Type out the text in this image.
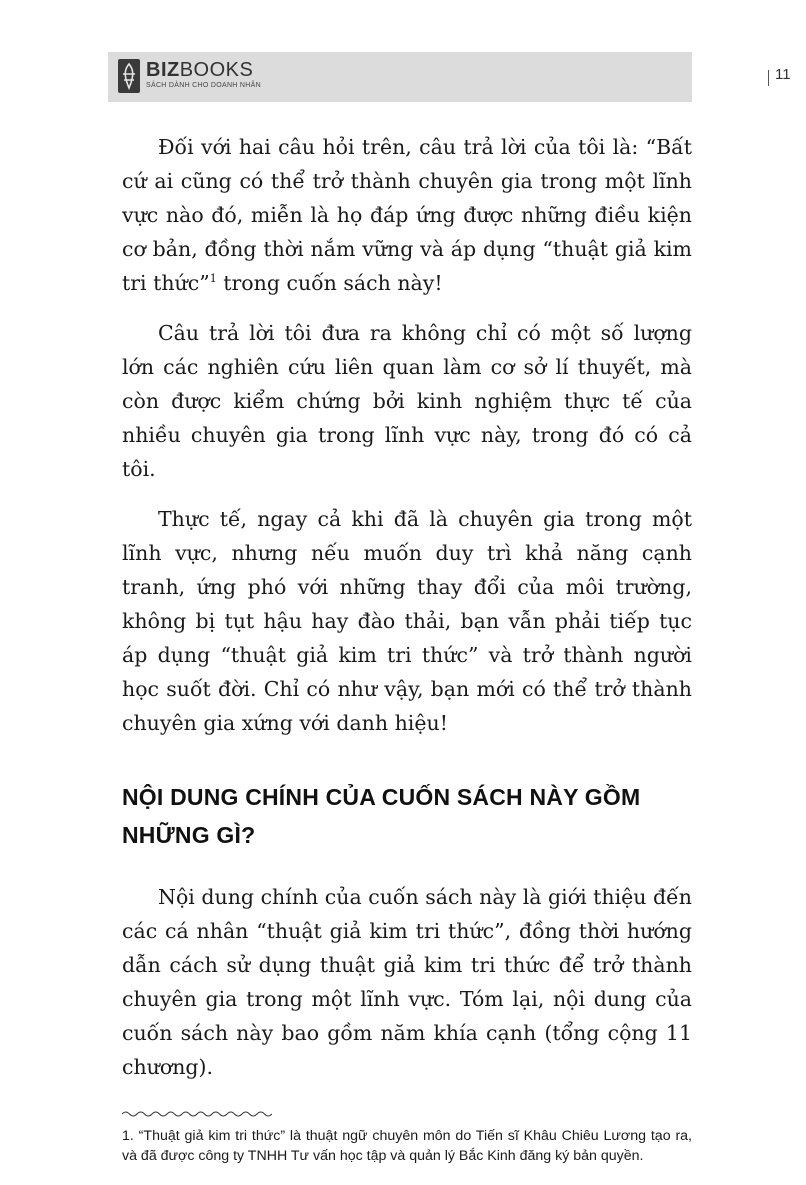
BIZBOOKS
SÁCH DÀNH CHO DOANH NHÂN
11

Đối với hai câu hỏi trên, câu trả lời của tôi là: “Bất cứ ai cũng có thể trở thành chuyên gia trong một lĩnh vực nào đó, miễn là họ đáp ứng được những điều kiện cơ bản, đồng thời nắm vững và áp dụng “thuật giả kim tri thức”$^1$ trong cuốn sách này!

Câu trả lời tôi đưa ra không chỉ có một số lượng lớn các nghiên cứu liên quan làm cơ sở lí thuyết, mà còn được kiểm chứng bởi kinh nghiệm thực tế của nhiều chuyên gia trong lĩnh vực này, trong đó có cả tôi.

Thực tế, ngay cả khi đã là chuyên gia trong một lĩnh vực, nhưng nếu muốn duy trì khả năng cạnh tranh, ứng phó với những thay đổi của môi trường, không bị tụt hậu hay đào thải, bạn vẫn phải tiếp tục áp dụng “thuật giả kim tri thức” và trở thành người học suốt đời. Chỉ có như vậy, bạn mới có thể trở thành chuyên gia xứng với danh hiệu!

NỘI DUNG CHÍNH CỦA CUỐN SÁCH NÀY GỒM NHỮNG GÌ?

Nội dung chính của cuốn sách này là giới thiệu đến các cá nhân “thuật giả kim tri thức”, đồng thời hướng dẫn cách sử dụng thuật giả kim tri thức để trở thành chuyên gia trong một lĩnh vực. Tóm lại, nội dung của cuốn sách này bao gồm năm khía cạnh (tổng cộng 11 chương).

1. “Thuật giả kim tri thức” là thuật ngữ chuyên môn do Tiến sĩ Khâu Chiêu Lương tạo ra, và đã được công ty TNHH Tư vấn học tập và quản lý Bắc Kinh đăng ký bản quyền.
